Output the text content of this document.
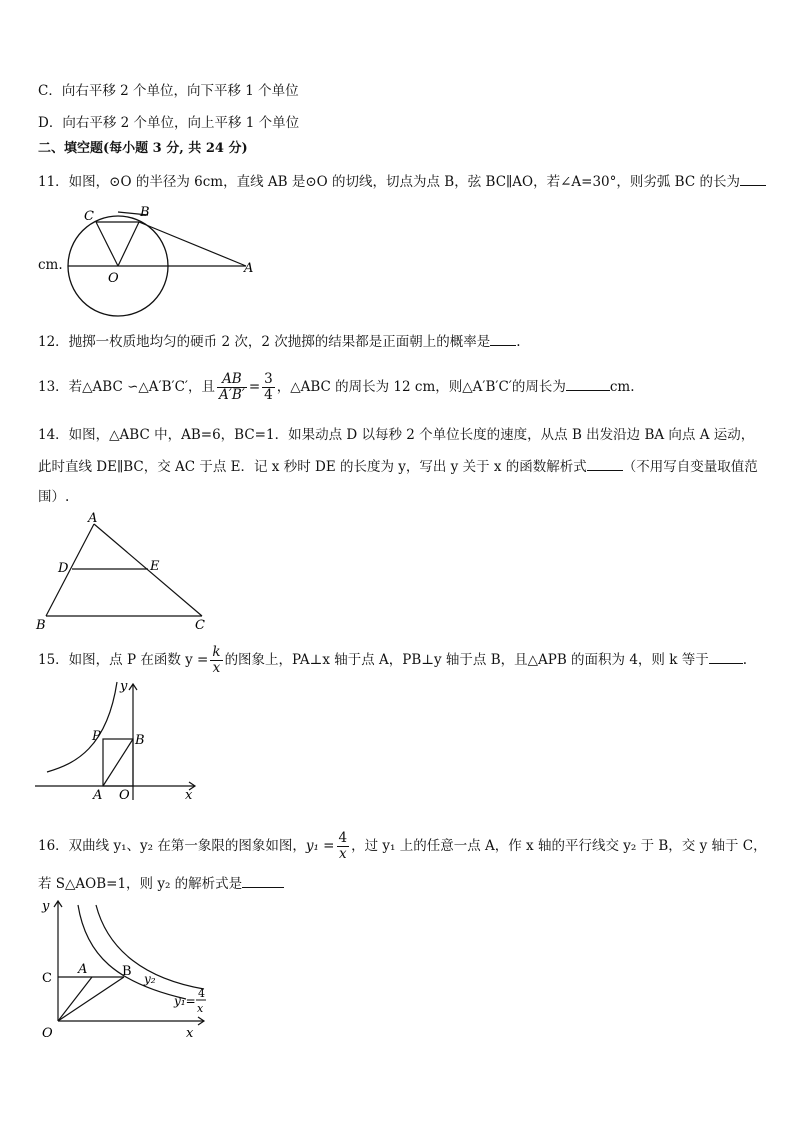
C．向右平移 2 个单位，向下平移 1 个单位
D．向右平移 2 个单位，向上平移 1 个单位
二、填空题(每小题 3 分, 共 24 分)
11．如图，⊙O 的半径为 6cm，直线 AB 是⊙O 的切线，切点为点 B，弦 BC∥AO，若∠A=30°，则劣弧 BC 的长为
cm.
C	B
O
A
12．抛掷一枚质地均匀的硬币 2 次，2 次抛掷的结果都是正面朝上的概率是 .
13．若△ABC ∽△A′B′C′，且 $\frac{AB}{A'B'} = \frac{3}{4}$ ，△ABC 的周长为 12 cm，则△A′B′C′的周长为	cm.
14．如图，△ABC 中，AB=6，BC=1．如果动点 D 以每秒 2 个单位长度的速度，从点 B 出发沿边 BA 向点 A 运动，
此时直线 DE∥BC，交 AC 于点 E．记 x 秒时 DE 的长度为 y，写出 y 关于 x 的函数解析式	（不用写自变量取值范
围）.
A
D	E
B	C
15．如图，点 P 在函数 $y = \frac{k}{x}$ 的图象上，PA⊥x 轴于点 A，PB⊥y 轴于点 B，且△APB 的面积为 4，则 k 等于	.
y
P	B
A O	x
16．双曲线 y₁、y₂ 在第一象限的图象如图，$y_1 = \frac{4}{x}$ ，过 y₁ 上的任意一点 A，作 x 轴的平行线交 y₂ 于 B，交 y 轴于 C，
若 S△AOB=1，则 y₂ 的解析式是
y
C
A	B y₂
y₁=
4
x
O	x
